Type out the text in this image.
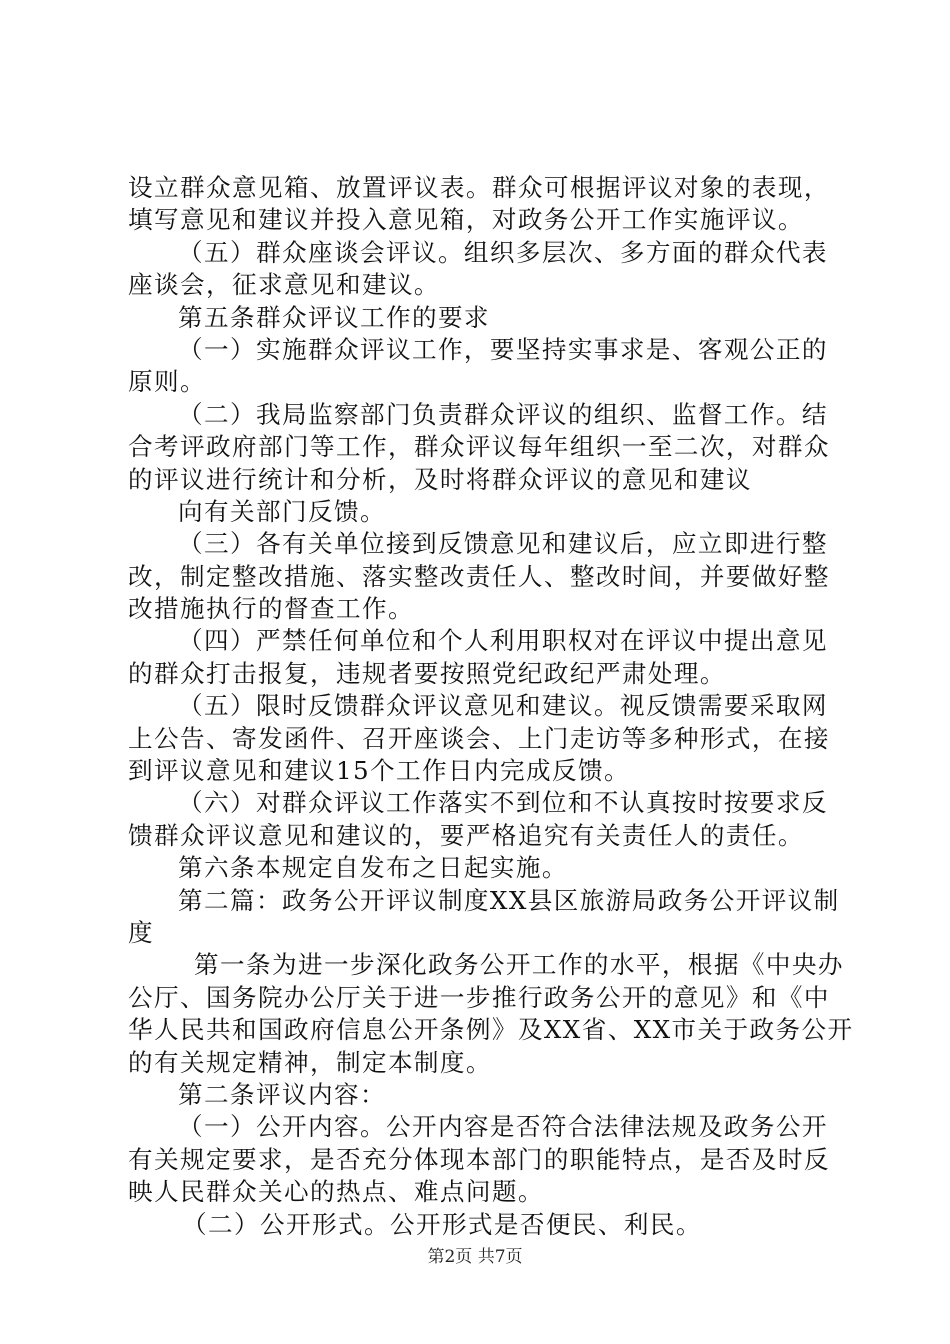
设立群众意见箱、放置评议表。群众可根据评议对象的表现，
填写意见和建议并投入意见箱，对政务公开工作实施评议。
（五）群众座谈会评议。组织多层次、多方面的群众代表
座谈会，征求意见和建议。
第五条群众评议工作的要求
（一）实施群众评议工作，要坚持实事求是、客观公正的
原则。
（二）我局监察部门负责群众评议的组织、监督工作。结
合考评政府部门等工作，群众评议每年组织一至二次，对群众
的评议进行统计和分析，及时将群众评议的意见和建议
向有关部门反馈。
（三）各有关单位接到反馈意见和建议后，应立即进行整
改，制定整改措施、落实整改责任人、整改时间，并要做好整
改措施执行的督查工作。
（四）严禁任何单位和个人利用职权对在评议中提出意见
的群众打击报复，违规者要按照党纪政纪严肃处理。
（五）限时反馈群众评议意见和建议。视反馈需要采取网
上公告、寄发函件、召开座谈会、上门走访等多种形式，在接
到评议意见和建议15个工作日内完成反馈。
（六）对群众评议工作落实不到位和不认真按时按要求反
馈群众评议意见和建议的，要严格追究有关责任人的责任。
第六条本规定自发布之日起实施。
第二篇：政务公开评议制度XX县区旅游局政务公开评议制
度
第一条为进一步深化政务公开工作的水平，根据《中央办
公厅、国务院办公厅关于进一步推行政务公开的意见》和《中
华人民共和国政府信息公开条例》及XX省、XX市关于政务公开
的有关规定精神，制定本制度。
第二条评议内容：
（一）公开内容。公开内容是否符合法律法规及政务公开
有关规定要求，是否充分体现本部门的职能特点，是否及时反
映人民群众关心的热点、难点问题。
（二）公开形式。公开形式是否便民、利民。
第2页 共7页
